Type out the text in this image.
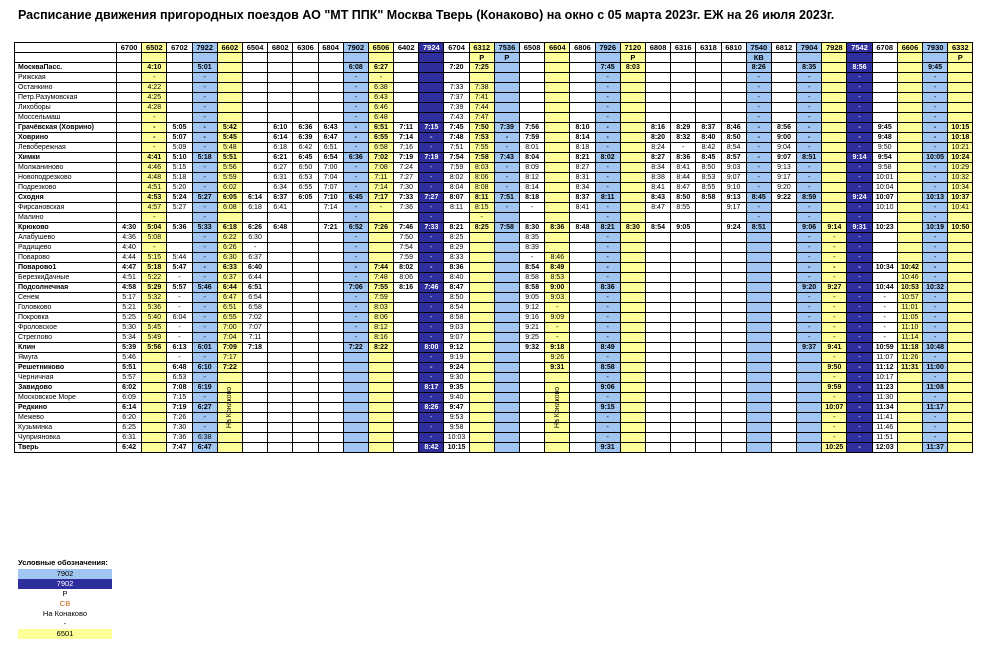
Расписание движения пригородных поездов АО "МТ ППК" Москва Тверь (Конаково) на окно с 05 марта 2023г. ЕЖ на 26 июля 2023г.
	6700	6502	6702	7922	6602	6504	6802	6306	6804	7902	6506	6402	7924	6704	6312	7536	6508	6604	6806	7926	7120	6808	6316	6318	6810	7540	6812	7904	7928	7542	6708	6606	7930	6332
															Р	Р					Р					КВ								Р
МоскваПасс.		4:10		5:01						6:08	6:27			7:20	7:25					7:45	8:03					8:26		8:35		8:56			9:45	
Рижская		-		-						-	-									-						-		-		-			-	
Останкино		4:22		-						-	6:38			7:33	7:38					-						-		-		-			-	
Петр.Разумовская		4:25		-						-	6:43			7:37	7:41					-						-		-		-			-	
Лихоборы		4:28		-						-	6:46			7:39	7:44					-						-		-		-			-	
Моссельмаш		-		-						-	6:48			7:43	7:47					-						-		-		-			-	
Грачёвская (Ховрино)		-	5:05	-	5:42		6:10	6:36	6:43	-	6:51	7:11	7:15	7:45	7:50	7:39	7:56		8:10	-		8:16	8:29	8:37	8:46	-	8:56	-		-	9:45		-	10:15
Ховрино		-	5:07	-	5:45		6:14	6:39	6:47	-	6:55	7:14	-	7:48	7:53	-	7:59		8:14	-		8:20	8:32	8:40	8:50	-	9:00	-		-	9:48		-	10:18
Левобережная		-	5:09	-	5:48		6:18	6:42	6:51	-	6:58	7:16	-	7:51	7:55	-	8:01		8:18	-		8:24	-	8:42	8:54	-	9:04	-		-	9:50		-	10:21
Химки		4:41	5:10	5:18	5:51		6:21	6:45	6:54	6:36	7:02	7:19	7:19	7:54	7:58	7:43	8:04		8:21	8:02		8:27	8:36	8:45	8:57	-	9:07	8:51		9:14	9:54		10:05	10:24
Молжаниново		4:46	5:15	-	5:56		6:27	6:50	7:00	-	7:08	7:24	-	7:59	8:03	-	8:09		8:27	-		8:34	8:41	8:50	9:03	-	9:13	-		-	9:58		-	10:29
Новоподрезково		4:48	5:18	-	5:59		6:31	6:53	7:04	-	7:11	7:27	-	8:02	8:06	-	8:12		8:31	-		8:38	8:44	8:53	9:07	-	9:17	-		-	10:01		-	10:32
Подрезково		4:51	5:20	-	6:02		6:34	6:55	7:07	-	7:14	7:30	-	8:04	8:08	-	8:14		8:34	-		8:41	8:47	8:55	9:10	-	9:20	-		-	10:04		-	10:34
Сходня		4:53	5:24	5:27	6:05	6:14	6:37	6:05	7:10	6:45	7:17	7:33	7:27	8:07	8:11	7:51	8:18		8:37	8:11		8:43	8:50	8:58	9:13	8:45	9:22	8:59		9:24	10:07		10:13	10:37
Фирсановская		4:57	5:27	-	6:08	6:18	6:41		7:14	-	-	7:36	-	8:11	8:15	-	-		8:41	-		8:47	8:55		9:17	-		-		-	10:10		-	10:41
Малино		-		-						-			-		-					-						-		-		-			-	
Крюково	4:30	5:04	5:36	5:33	6:18	6:26	6:48		7:21	6:52	7:26	7:46	7:33	8:21	8:25	7:58	8:30	8:36	8:48	8:21	8:30	8:54	9:05		9:24	8:51		9:06	9:14	9:31	10:23		10:19	10:50
Алабушево	4:36	5:08		-	6:22	6:30				-		7:50	-	8:25			8:35			-								-	-	-			-	
Радищево	4:40	-		-	6:26	-				-		7:54	-	8:29			8:39			-								-	-	-			-	
Поварово	4:44	5:15	5:44	-	6:30	6:37				-		7:59	-	8:33			-	8:46		-								-	-	-			-	
Поварово1	4:47	5:18	5:47	-	6:33	6:40				-	7:44	8:02	-	8:36			8:54	8:49		-								-	-	-	10:34	10:42	-	
БерезкиДачные	4:51	5:22	-	-	6:37	6:44				-	7:48	8:06	-	8:40			8:58	8:53		-								-	-	-		10:46	-	
Подсолнечная	4:58	5:29	5:57	5:46	6:44	6:51				7:06	7:55	8:16	7:46	8:47			8:58	9:00		8:36								9:20	9:27	-	10:44	10:53	10:32	
Сенеж	5:17	5:32	-	-	6:47	6:54				-	7:59		-	8:50			9:05	9:03		-								-	-	-	-	10:57	-	
Головково	5:21	5:36	-	-	6:51	6:58				-	8:03		-	8:54			9:12	-		-								-	-	-	-	11:01	-	
Покровка	5:25	5:40	6:04	-	6:55	7:02				-	8:06		-	8:58			9:16	9:09		-								-	-	-	-	11:05	-	
Фроловское	5:30	5:45	-	-	7:00	7:07				-	8:12		-	9:03			9:21	-		-								-	-	-	-	11:10	-	
Стреглово	5:34	5:49	-	-	7:04	7:11				-	8:16		-	9:07			9:25	-		-								-	-	-	-	11:14	-	
Клин	5:39	5:56	6:13	6:01	7:09	7:18				7:22	8:22		8:00	9:12			9:32	9:18		8:49								9:37	9:41	-	10:59	11:18	10:48	
Ямуга	5:46		-	-	7:17								-	9:19				9:26		-									-	-	11:07	11:26	-	
Решетниково	5:51		6:48	6:10	7:22								-	9:24				9:31		8:58									9:50	-	11:12	11:31	11:00	
Черничная	5:57		6:53	-									-	9:30						-									-	-	10:17		-	
Завидово	6:02		7:08	6:19									8:17	9:35						9:06									9:59	-	11:23		11:08	
Московское Море	6:09		7:15	-									-	9:40						-									-	-	11:30		-	
Редкино	6:14		7:19	6:27									8:26	9:47						9:15									10:07	-	11:34		11:17	
Межево	6:20		7:26	-									-	9:53						-									-	-	11:41		-	
Кузьминка	6:25		7:30	-									-	9:58						-									-	-	11:46		-	
Чуприяновка	6:31		7:36	6:38									-	10:03						-									-	-	11:51		-	
Тверь	6:42		7:47	6:47									8:42	10:15						9:31									10:25	-	12:03		11:37	
На Конаково	На Конаково
Условные обозначения:
7902
7902
Р
СВ
На Конаково
-
6501
